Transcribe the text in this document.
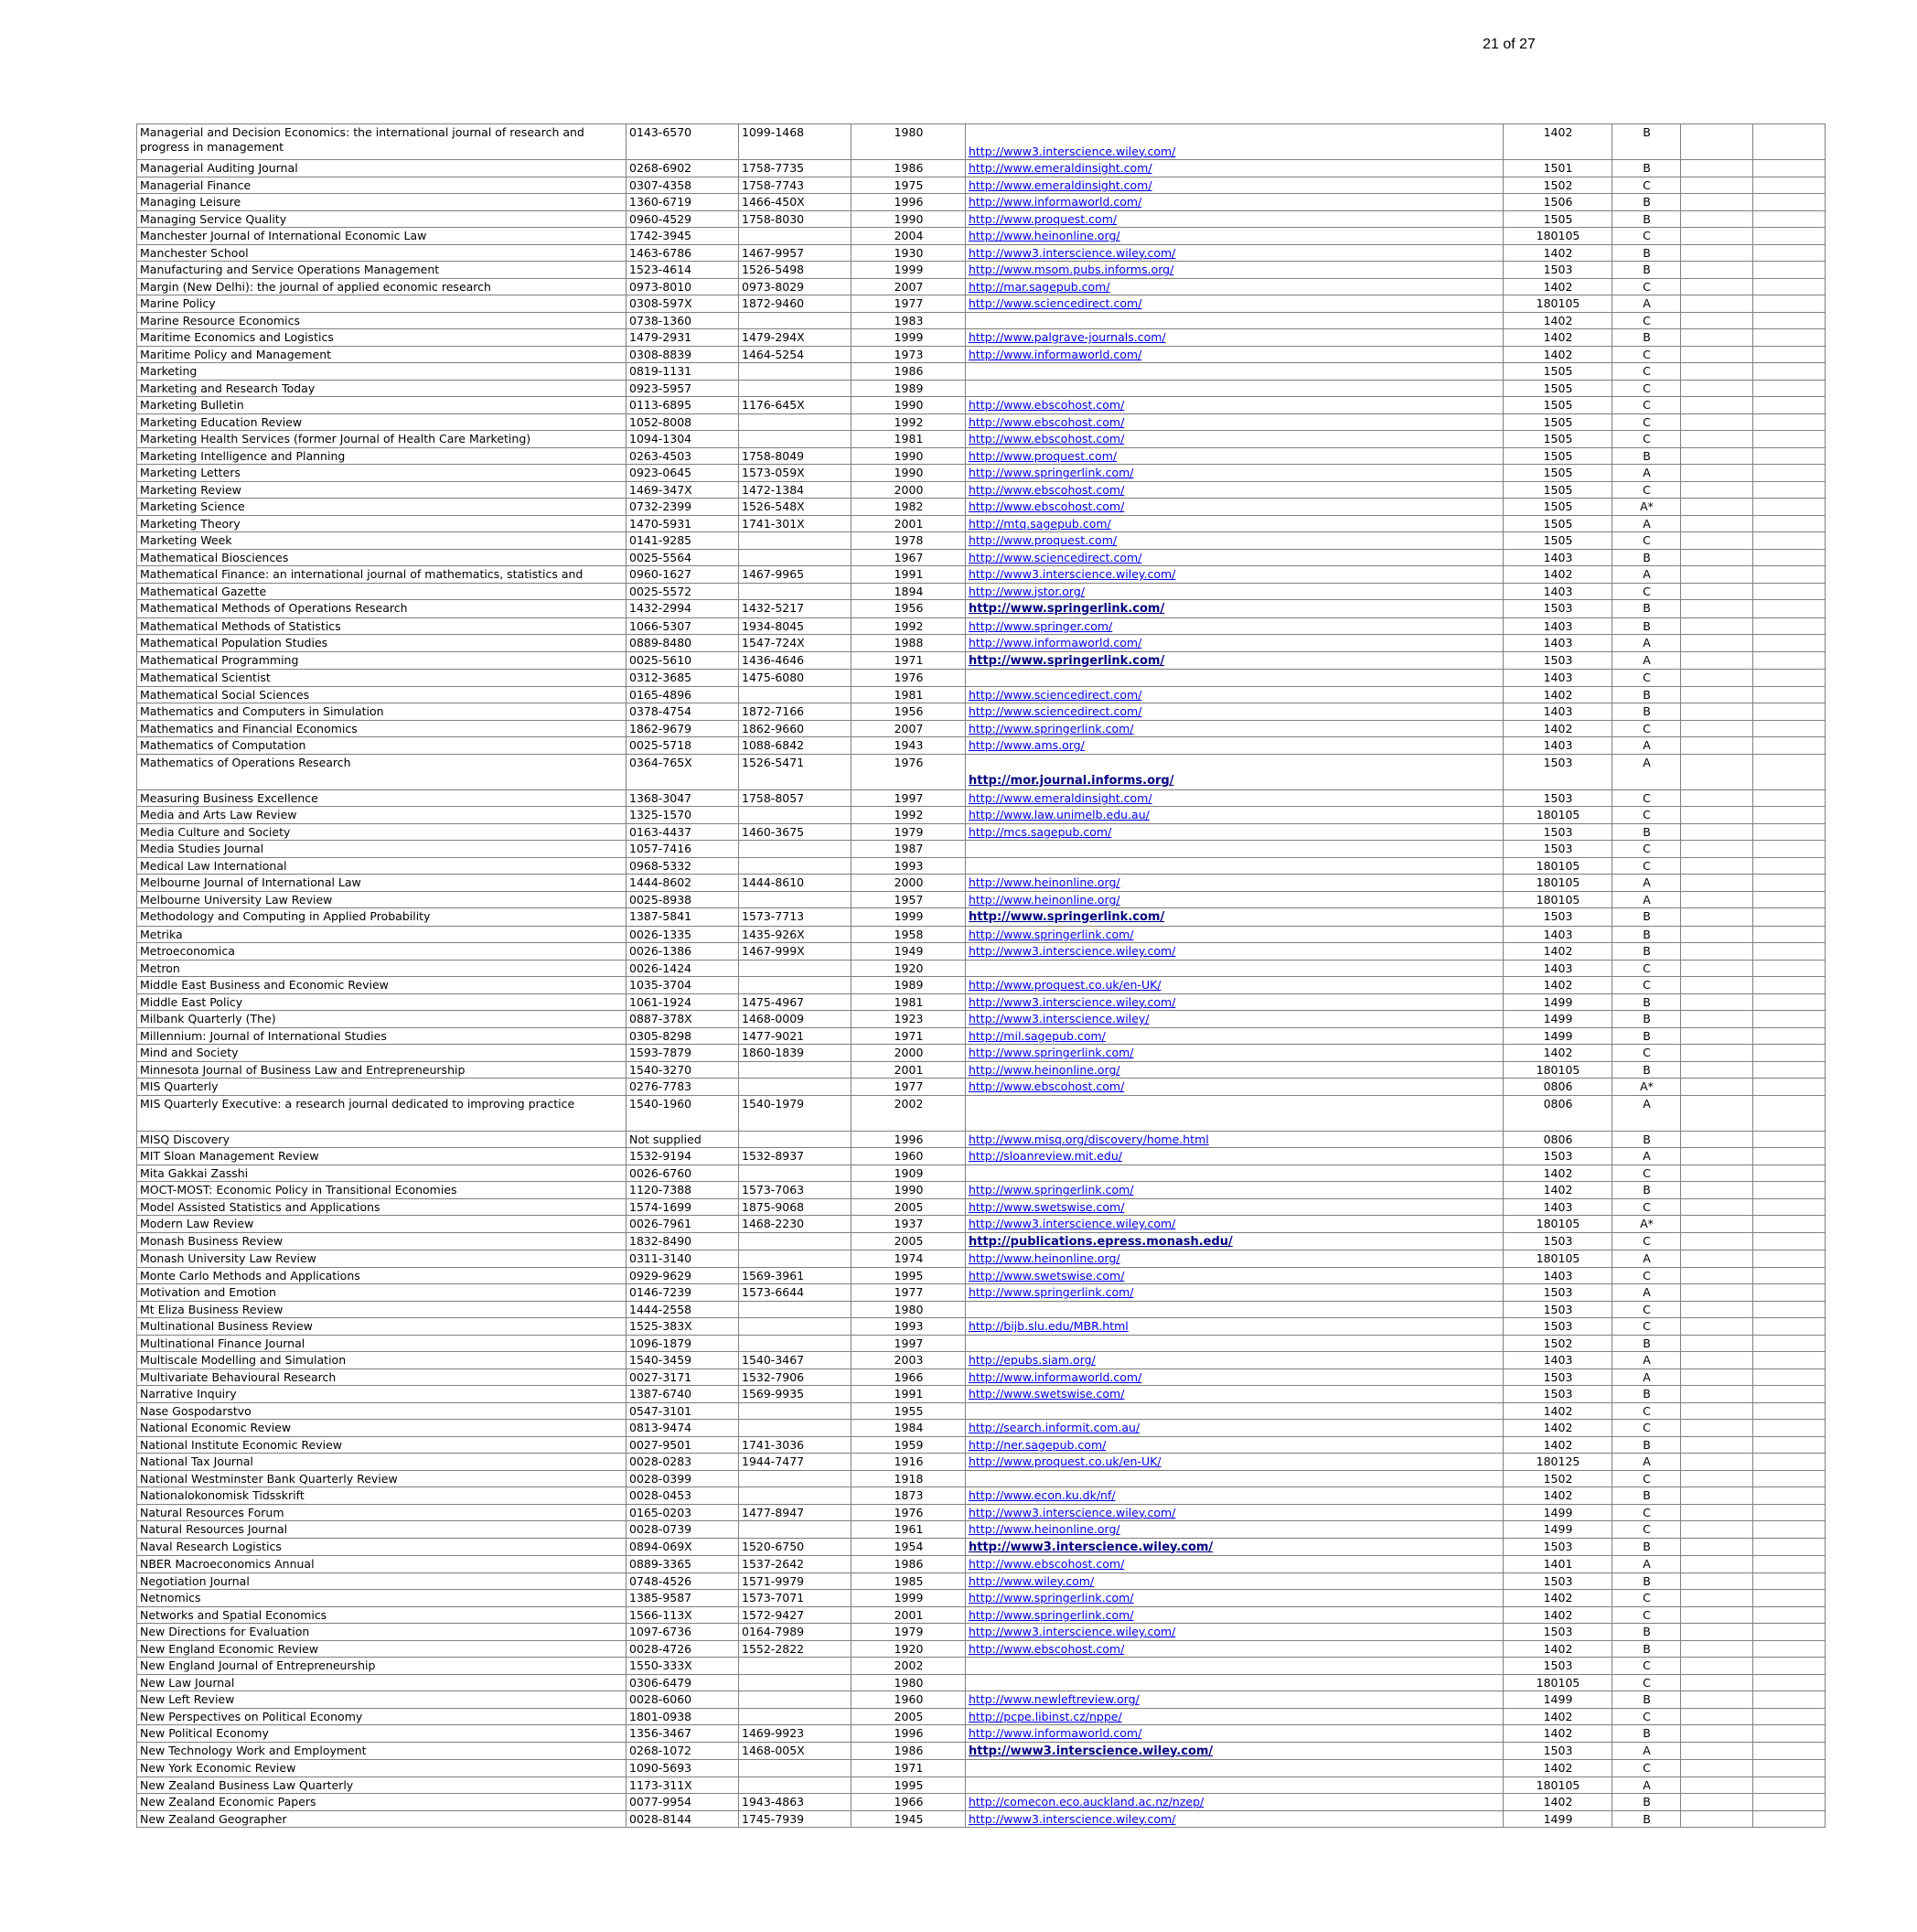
21 of 27
Managerial and Decision Economics: the international journal of research and progress in management	0143-6570	1099-1468	1980	http://www3.interscience.wiley.com/	1402	B		
Managerial Auditing Journal	0268-6902	1758-7735	1986	http://www.emeraldinsight.com/	1501	B		
Managerial Finance	0307-4358	1758-7743	1975	http://www.emeraldinsight.com/	1502	C		
Managing Leisure	1360-6719	1466-450X	1996	http://www.informaworld.com/	1506	B		
Managing Service Quality	0960-4529	1758-8030	1990	http://www.proquest.com/	1505	B		
Manchester Journal of International Economic Law	1742-3945		2004	http://www.heinonline.org/	180105	C		
Manchester School	1463-6786	1467-9957	1930	http://www3.interscience.wiley.com/	1402	B		
Manufacturing and Service Operations Management	1523-4614	1526-5498	1999	http://www.msom.pubs.informs.org/	1503	B		
Margin (New Delhi): the journal of applied economic research	0973-8010	0973-8029	2007	http://mar.sagepub.com/	1402	C		
Marine Policy	0308-597X	1872-9460	1977	http://www.sciencedirect.com/	180105	A		
Marine Resource Economics	0738-1360		1983		1402	C		
Maritime Economics and Logistics	1479-2931	1479-294X	1999	http://www.palgrave-journals.com/	1402	B		
Maritime Policy and Management	0308-8839	1464-5254	1973	http://www.informaworld.com/	1402	C		
Marketing	0819-1131		1986		1505	C		
Marketing and Research Today	0923-5957		1989		1505	C		
Marketing Bulletin	0113-6895	1176-645X	1990	http://www.ebscohost.com/	1505	C		
Marketing Education Review	1052-8008		1992	http://www.ebscohost.com/	1505	C		
Marketing Health Services (former Journal of Health Care Marketing)	1094-1304		1981	http://www.ebscohost.com/	1505	C		
Marketing Intelligence and Planning	0263-4503	1758-8049	1990	http://www.proquest.com/	1505	B		
Marketing Letters	0923-0645	1573-059X	1990	http://www.springerlink.com/	1505	A		
Marketing Review	1469-347X	1472-1384	2000	http://www.ebscohost.com/	1505	C		
Marketing Science	0732-2399	1526-548X	1982	http://www.ebscohost.com/	1505	A*		
Marketing Theory	1470-5931	1741-301X	2001	http://mtq.sagepub.com/	1505	A		
Marketing Week	0141-9285		1978	http://www.proquest.com/	1505	C		
Mathematical Biosciences	0025-5564		1967	http://www.sciencedirect.com/	1403	B		
Mathematical Finance: an international journal of mathematics, statistics and	0960-1627	1467-9965	1991	http://www3.interscience.wiley.com/	1402	A		
Mathematical Gazette	0025-5572		1894	http://www.jstor.org/	1403	C		
Mathematical Methods of Operations Research	1432-2994	1432-5217	1956	http://www.springerlink.com/	1503	B		
Mathematical Methods of Statistics	1066-5307	1934-8045	1992	http://www.springer.com/	1403	B		
Mathematical Population Studies	0889-8480	1547-724X	1988	http://www.informaworld.com/	1403	A		
Mathematical Programming	0025-5610	1436-4646	1971	http://www.springerlink.com/	1503	A		
Mathematical Scientist	0312-3685	1475-6080	1976		1403	C		
Mathematical Social Sciences	0165-4896		1981	http://www.sciencedirect.com/	1402	B		
Mathematics and Computers in Simulation	0378-4754	1872-7166	1956	http://www.sciencedirect.com/	1403	B		
Mathematics and Financial Economics	1862-9679	1862-9660	2007	http://www.springerlink.com/	1402	C		
Mathematics of Computation	0025-5718	1088-6842	1943	http://www.ams.org/	1403	A		
Mathematics of Operations Research	0364-765X	1526-5471	1976	http://mor.journal.informs.org/	1503	A		
Measuring Business Excellence	1368-3047	1758-8057	1997	http://www.emeraldinsight.com/	1503	C		
Media and Arts Law Review	1325-1570		1992	http://www.law.unimelb.edu.au/	180105	C		
Media Culture and Society	0163-4437	1460-3675	1979	http://mcs.sagepub.com/	1503	B		
Media Studies Journal	1057-7416		1987		1503	C		
Medical Law International	0968-5332		1993		180105	C		
Melbourne Journal of International Law	1444-8602	1444-8610	2000	http://www.heinonline.org/	180105	A		
Melbourne University Law Review	0025-8938		1957	http://www.heinonline.org/	180105	A		
Methodology and Computing in Applied Probability	1387-5841	1573-7713	1999	http://www.springerlink.com/	1503	B		
Metrika	0026-1335	1435-926X	1958	http://www.springerlink.com/	1403	B		
Metroeconomica	0026-1386	1467-999X	1949	http://www3.interscience.wiley.com/	1402	B		
Metron	0026-1424		1920		1403	C		
Middle East Business and Economic Review	1035-3704		1989	http://www.proquest.co.uk/en-UK/	1402	C		
Middle East Policy	1061-1924	1475-4967	1981	http://www3.interscience.wiley.com/	1499	B		
Milbank Quarterly (The)	0887-378X	1468-0009	1923	http://www3.interscience.wiley/	1499	B		
Millennium: Journal of International Studies	0305-8298	1477-9021	1971	http://mil.sagepub.com/	1499	B		
Mind and Society	1593-7879	1860-1839	2000	http://www.springerlink.com/	1402	C		
Minnesota Journal of Business Law and Entrepreneurship	1540-3270		2001	http://www.heinonline.org/	180105	B		
MIS Quarterly	0276-7783		1977	http://www.ebscohost.com/	0806	A*		
MIS Quarterly Executive: a research journal dedicated to improving practice	1540-1960	1540-1979	2002		0806	A		
MISQ Discovery	Not supplied		1996	http://www.misq.org/discovery/home.html	0806	B		
MIT Sloan Management Review	1532-9194	1532-8937	1960	http://sloanreview.mit.edu/	1503	A		
Mita Gakkai Zasshi	0026-6760		1909		1402	C		
MOCT-MOST: Economic Policy in Transitional Economies	1120-7388	1573-7063	1990	http://www.springerlink.com/	1402	B		
Model Assisted Statistics and Applications	1574-1699	1875-9068	2005	http://www.swetswise.com/	1403	C		
Modern Law Review	0026-7961	1468-2230	1937	http://www3.interscience.wiley.com/	180105	A*		
Monash Business Review	1832-8490		2005	http://publications.epress.monash.edu/	1503	C		
Monash University Law Review	0311-3140		1974	http://www.heinonline.org/	180105	A		
Monte Carlo Methods and Applications	0929-9629	1569-3961	1995	http://www.swetswise.com/	1403	C		
Motivation and Emotion	0146-7239	1573-6644	1977	http://www.springerlink.com/	1503	A		
Mt Eliza Business Review	1444-2558		1980		1503	C		
Multinational Business Review	1525-383X		1993	http://bijb.slu.edu/MBR.html	1503	C		
Multinational Finance Journal	1096-1879		1997		1502	B		
Multiscale Modelling and Simulation	1540-3459	1540-3467	2003	http://epubs.siam.org/	1403	A		
Multivariate Behavioural Research	0027-3171	1532-7906	1966	http://www.informaworld.com/	1503	A		
Narrative Inquiry	1387-6740	1569-9935	1991	http://www.swetswise.com/	1503	B		
Nase Gospodarstvo	0547-3101		1955		1402	C		
National Economic Review	0813-9474		1984	http://search.informit.com.au/	1402	C		
National Institute Economic Review	0027-9501	1741-3036	1959	http://ner.sagepub.com/	1402	B		
National Tax Journal	0028-0283	1944-7477	1916	http://www.proquest.co.uk/en-UK/	180125	A		
National Westminster Bank Quarterly Review	0028-0399		1918		1502	C		
Nationalokonomisk Tidsskrift	0028-0453		1873	http://www.econ.ku.dk/nf/	1402	B		
Natural Resources Forum	0165-0203	1477-8947	1976	http://www3.interscience.wiley.com/	1499	C		
Natural Resources Journal	0028-0739		1961	http://www.heinonline.org/	1499	C		
Naval Research Logistics	0894-069X	1520-6750	1954	http://www3.interscience.wiley.com/	1503	B		
NBER Macroeconomics Annual	0889-3365	1537-2642	1986	http://www.ebscohost.com/	1401	A		
Negotiation Journal	0748-4526	1571-9979	1985	http://www.wiley.com/	1503	B		
Netnomics	1385-9587	1573-7071	1999	http://www.springerlink.com/	1402	C		
Networks and Spatial Economics	1566-113X	1572-9427	2001	http://www.springerlink.com/	1402	C		
New Directions for Evaluation	1097-6736	0164-7989	1979	http://www3.interscience.wiley.com/	1503	B		
New England Economic Review	0028-4726	1552-2822	1920	http://www.ebscohost.com/	1402	B		
New England Journal of Entrepreneurship	1550-333X		2002		1503	C		
New Law Journal	0306-6479		1980		180105	C		
New Left Review	0028-6060		1960	http://www.newleftreview.org/	1499	B		
New Perspectives on Political Economy	1801-0938		2005	http://pcpe.libinst.cz/nppe/	1402	C		
New Political Economy	1356-3467	1469-9923	1996	http://www.informaworld.com/	1402	B		
New Technology Work and Employment	0268-1072	1468-005X	1986	http://www3.interscience.wiley.com/	1503	A		
New York Economic Review	1090-5693		1971		1402	C		
New Zealand Business Law Quarterly	1173-311X		1995		180105	A		
New Zealand Economic Papers	0077-9954	1943-4863	1966	http://comecon.eco.auckland.ac.nz/nzep/	1402	B		
New Zealand Geographer	0028-8144	1745-7939	1945	http://www3.interscience.wiley.com/	1499	B		
